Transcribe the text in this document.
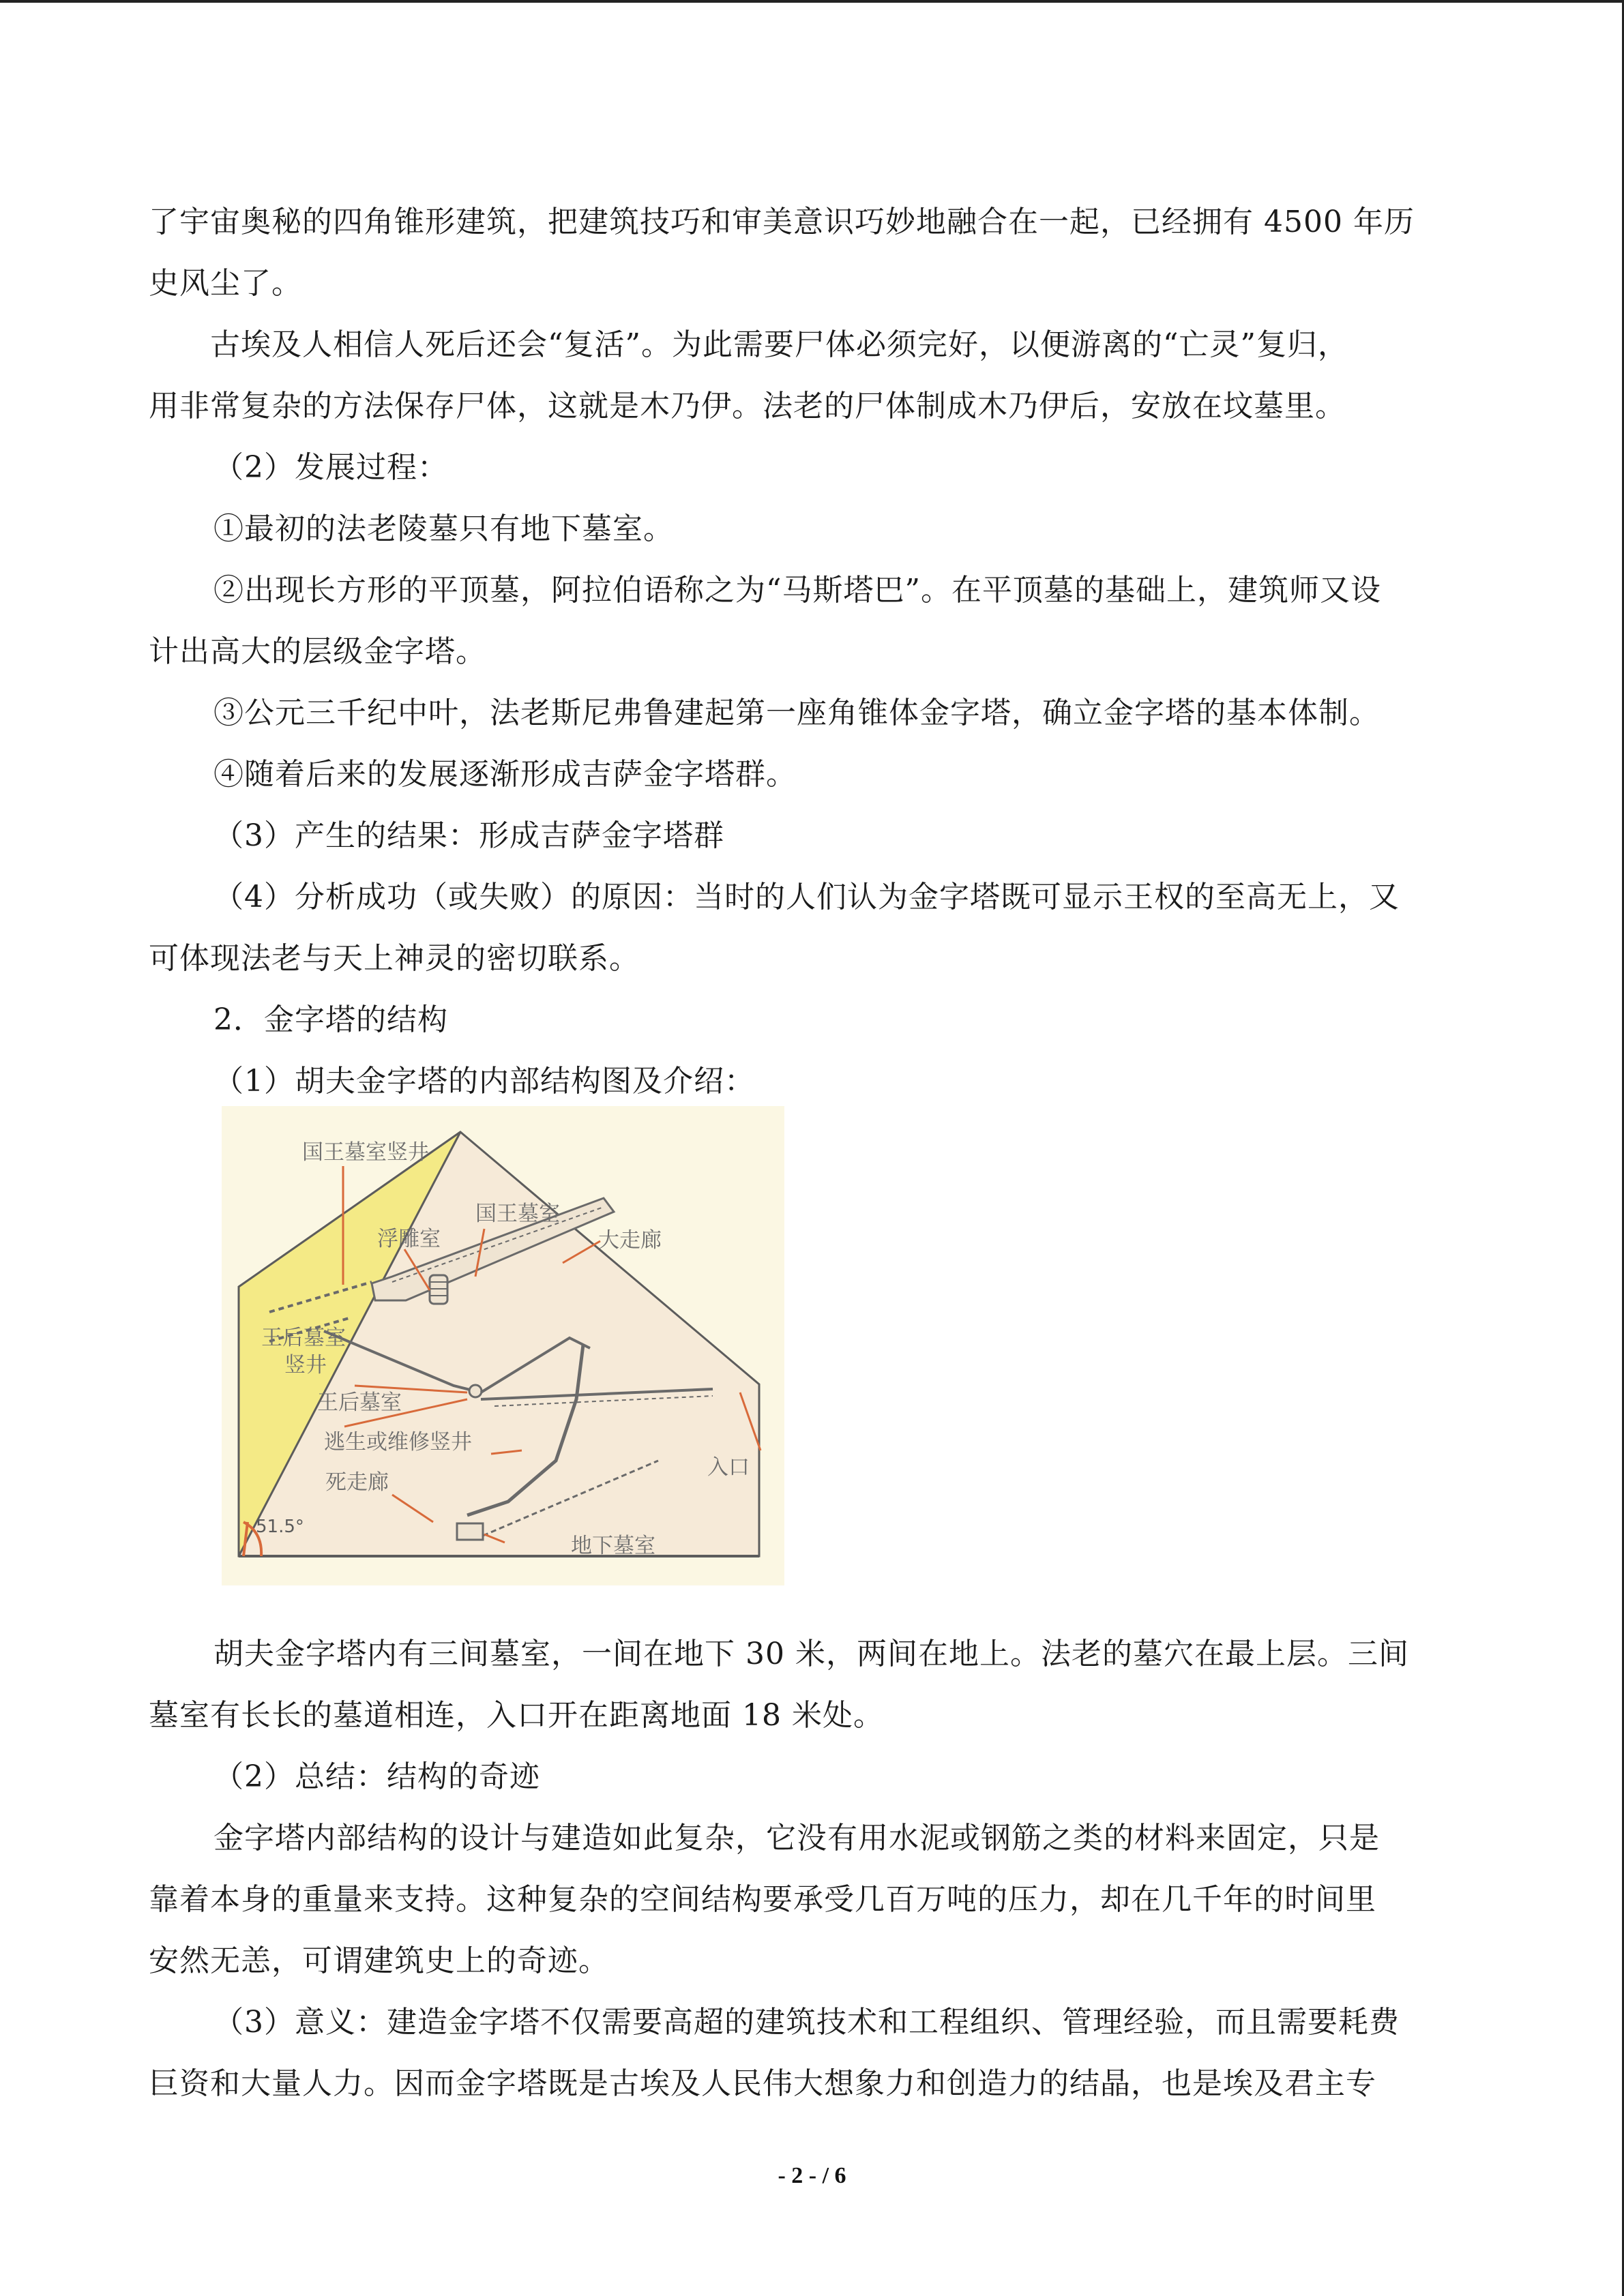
了宇宙奥秘的四角锥形建筑，把建筑技巧和审美意识巧妙地融合在一起，已经拥有 4500 年历
史风尘了。
古埃及人相信人死后还会“复活”。为此需要尸体必须完好，以便游离的“亡灵”复归，
用非常复杂的方法保存尸体，这就是木乃伊。法老的尸体制成木乃伊后，安放在坟墓里。
（2）发展过程：
①最初的法老陵墓只有地下墓室。
②出现长方形的平顶墓，阿拉伯语称之为“马斯塔巴”。在平顶墓的基础上，建筑师又设
计出高大的层级金字塔。
③公元三千纪中叶，法老斯尼弗鲁建起第一座角锥体金字塔，确立金字塔的基本体制。
④随着后来的发展逐渐形成吉萨金字塔群。
（3）产生的结果：形成吉萨金字塔群
（4）分析成功（或失败）的原因：当时的人们认为金字塔既可显示王权的至高无上，又
可体现法老与天上神灵的密切联系。
2．金字塔的结构
（1）胡夫金字塔的内部结构图及介绍：
胡夫金字塔内有三间墓室，一间在地下 30 米，两间在地上。法老的墓穴在最上层。三间
墓室有长长的墓道相连，入口开在距离地面 18 米处。
（2）总结：结构的奇迹
金字塔内部结构的设计与建造如此复杂，它没有用水泥或钢筋之类的材料来固定，只是
靠着本身的重量来支持。这种复杂的空间结构要承受几百万吨的压力，却在几千年的时间里
安然无恙，可谓建筑史上的奇迹。
（3）意义：建造金字塔不仅需要高超的建筑技术和工程组织、管理经验，而且需要耗费
巨资和大量人力。因而金字塔既是古埃及人民伟大想象力和创造力的结晶，也是埃及君主专
国王墓室竖井
浮雕室
国王墓室
大走廊
王后墓室
竖井
王后墓室
逃生或维修竖井
死走廊
入口
地下墓室
51.5°
- 2 - / 6
